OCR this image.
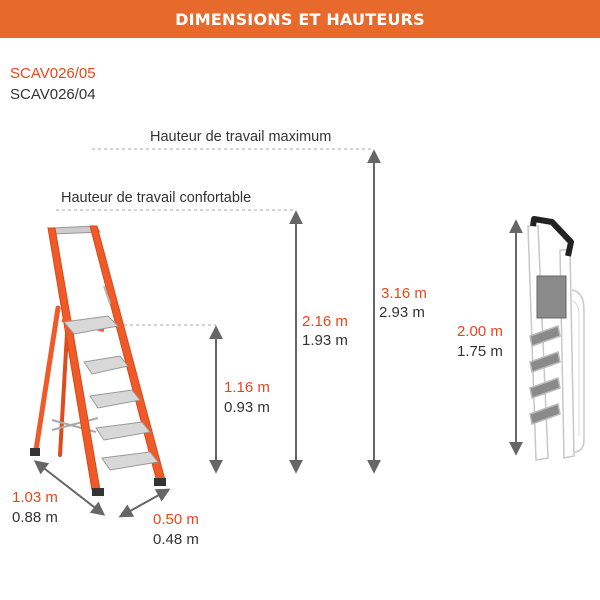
DIMENSIONS ET HAUTEURS
SCAV026/05
SCAV026/04
Hauteur de travail maximum
Hauteur de travail confortable
3.16 m
2.93 m
2.16 m
1.93 m
1.16 m
0.93 m
1.03 m
0.88 m	0.50 m
0.48 m
2.00 m
1.75 m
